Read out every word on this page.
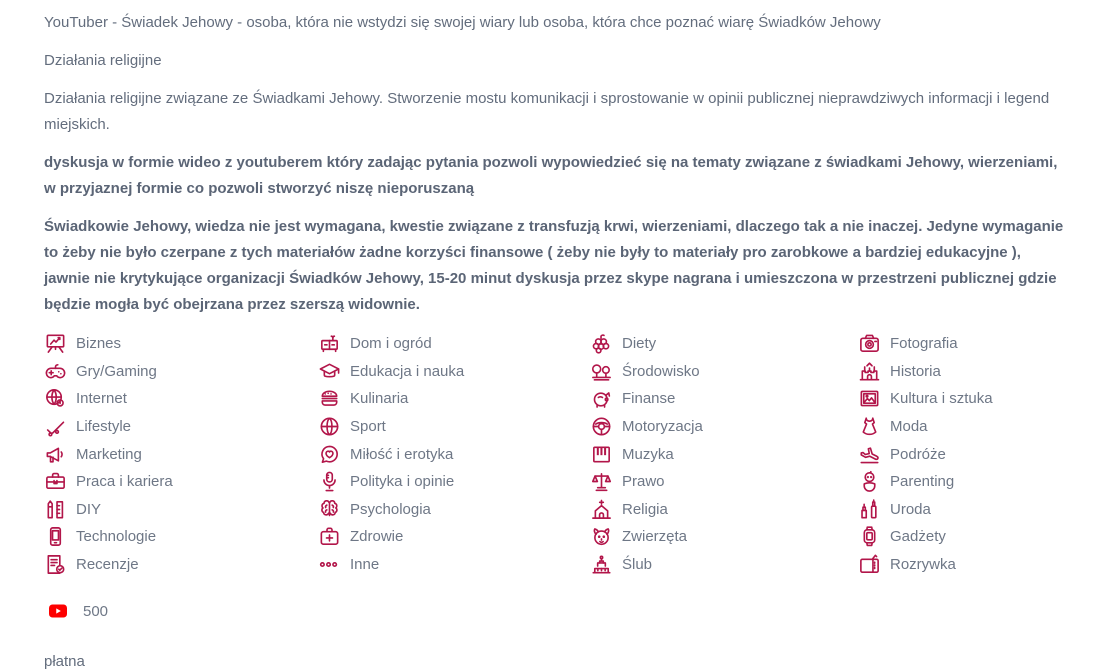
YouTuber - Świadek Jehowy - osoba, która nie wstydzi się swojej wiary lub osoba, która chce poznać wiarę Świadków Jehowy

Działania religijne

Działania religijne związane ze Świadkami Jehowy. Stworzenie mostu komunikacji i sprostowanie w opinii publicznej nieprawdziwych informacji i legend miejskich.

dyskusja w formie wideo z youtuberem który zadając pytania pozwoli wypowiedzieć się na tematy związane z świadkami Jehowy, wierzeniami, w przyjaznej formie co pozwoli stworzyć niszę nieporuszaną

Świadkowie Jehowy, wiedza nie jest wymagana, kwestie związane z transfuzją krwi, wierzeniami, dlaczego tak a nie inaczej. Jedyne wymaganie to żeby nie było czerpane z tych materiałów żadne korzyści finansowe ( żeby nie były to materiały pro zarobkowe a bardziej edukacyjne ), jawnie nie krytykujące organizacji Świadków Jehowy, 15-20 minut dyskusja przez skype nagrana i umieszczona w przestrzeni publicznej gdzie będzie mogła być obejrzana przez szerszą widownie.

Biznes
Gry/Gaming
Internet
Lifestyle
Marketing
Praca i kariera
DIY
Technologie
Recenzje
Dom i ogród
Edukacja i nauka
Kulinaria
Sport
Miłość i erotyka
Polityka i opinie
Psychologia
Zdrowie
Inne
Diety
Środowisko
Finanse
Motoryzacja
Muzyka
Prawo
Religia
Zwierzęta
Ślub
Fotografia
Historia
Kultura i sztuka
Moda
Podróże
Parenting
Uroda
Gadżety
Rozrywka
500
płatna
